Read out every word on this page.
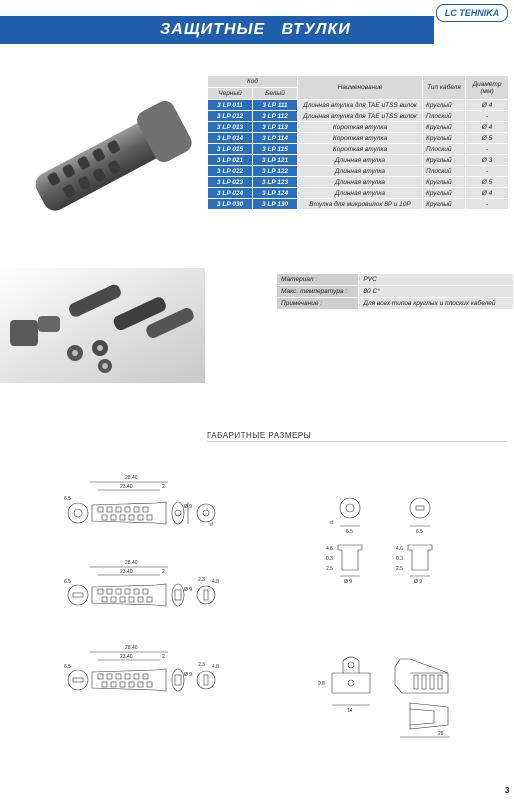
ЗАЩИТНЫЕ   ВТУЛКИ
LC TEHNIKA
Код		Наименование	Тип кабеля	Диаметр (мм)
Черный	Белый			
3 LP 011	3 LP 111	Длинная втулка для TAE иTSS вилок	Круглый	Ø 4
3 LP 012	3 LP 112	Длинная втулка для TAE иTSS вилок	Плоский	-
3 LP 013	3 LP 113	Короткая втулка	Круглый	Ø 4
3 LP 014	3 LP 114	Короткая втулка	Круглый	Ø 5
3 LP 015	3 LP 115	Короткая втулка	Плоский	-
3 LP 021	3 LP 121	Длинная втулка	Круглый	Ø 3
3 LP 022	3 LP 122	Длинная втулка	Плоский	-
3 LP 023	3 LP 123	Длинная втулка	Круглый	Ø 5
3 LP 024	3 LP 124	Длинная втулка	Круглый	Ø 4
3 LP 030	3 LP 130	Втулка для микровилок 8P и 10P	Круглый	-
Материал :	PVC
Макс. температура :	80 C°
Примечание :	Для всех типов круглых и плоских кабелей
ГАБАРИТНЫЕ РАЗМЕРЫ
28.40
23.40	2
6.5
Ø 9
d
28.40
23.40	2
6.5	2.3
Ø 9
4.8
28.40
23.40	2
6.5	2.3
Ø 9
4.8
d
6.5	6.5
4.6	4.6
0.3	0.3
2.5	2.5
Ø 9	Ø 9
9.8
14
28
3
